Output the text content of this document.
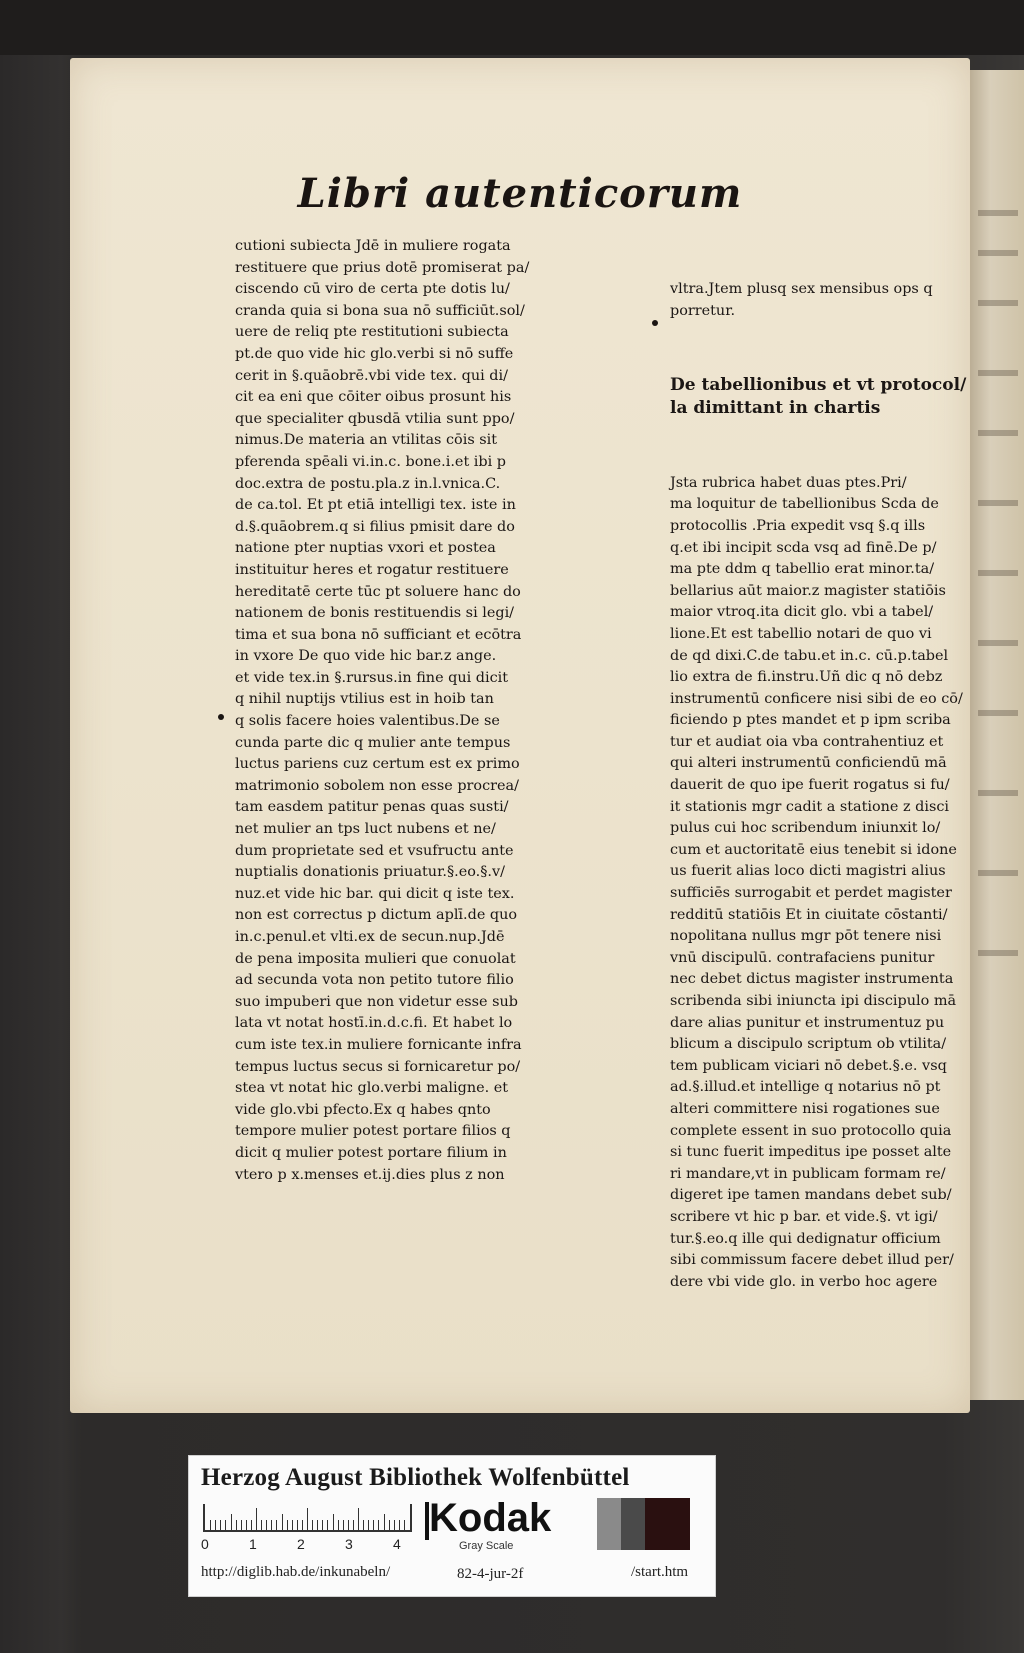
Libri autenticorum
cutioni subiecta Jdē in muliere rogata
restituere que prius dotē promiserat pa/
ciscendo cū viro de certa pte dotis lu/
cranda quia si bona sua nō sufficiūt.sol/
uere de reliq pte restitutioni subiecta
pt.de quo vide hic glo.verbi si nō suffe
cerit in §.quāobrē.vbi vide tex. qui di/
cit ea eni que cōiter oibus prosunt his
que specialiter qbusdā vtilia sunt ppo/
nimus.De materia an vtilitas cōis sit
pferenda spēali vi.in.c. bone.i.et ibi p
doc.extra de postu.pla.z in.l.vnica.C.
de ca.tol. Et pt etiā intelligi tex. iste in
d.§.quāobrem.q si filius pmisit dare do
natione pter nuptias vxori et postea
instituitur heres et rogatur restituere
hereditatē certe tūc pt soluere hanc do
nationem de bonis restituendis si legi/
tima et sua bona nō sufficiant et ecōtra
in vxore De quo vide hic bar.z ange.
et vide tex.in §.rursus.in fine qui dicit
q nihil nuptijs vtilius est in hoib tan
q solis facere hoies valentibus.De se
cunda parte dic q mulier ante tempus
luctus pariens cuz certum est ex primo
matrimonio sobolem non esse procrea/
tam easdem patitur penas quas susti/
net mulier an tps luct nubens et ne/
dum proprietate sed et vsufructu ante
nuptialis donationis priuatur.§.eo.§.v/
nuz.et vide hic bar. qui dicit q iste tex.
non est correctus p dictum aplī.de quo
in.c.penul.et vlti.ex de secun.nup.Jdē
de pena imposita mulieri que conuolat
ad secunda vota non petito tutore filio
suo impuberi que non videtur esse sub
lata vt notat hostī.in.d.c.fi. Et habet lo
cum iste tex.in muliere fornicante infra
tempus luctus secus si fornicaretur po/
stea vt notat hic glo.verbi maligne. et
vide glo.vbi pfecto.Ex q habes qnto
tempore mulier potest portare filios q
dicit q mulier potest portare filium in
vtero p x.menses et.ij.dies plus z non

vltra.Jtem plusq sex mensibus ops q
porretur.

De tabellionibus et vt protocol/
la dimittant in chartis

Jsta rubrica habet duas ptes.Pri/
ma loquitur de tabellionibus Scda de
protocollis .Pria expedit vsq §.q ills
q.et ibi incipit scda vsq ad finē.De p/
ma pte ddm q tabellio erat minor.ta/
bellarius aūt maior.z magister statiōis
maior vtroq.ita dicit glo. vbi a tabel/
lione.Et est tabellio notari de quo vi
de qd dixi.C.de tabu.et in.c. cū.p.tabel
lio extra de fi.instru.Uñ dic q nō debz
instrumentū conficere nisi sibi de eo cō/
ficiendo p ptes mandet et p ipm scriba
tur et audiat oia vba contrahentiuz et
qui alteri instrumentū conficiendū mā
dauerit de quo ipe fuerit rogatus si fu/
it stationis mgr cadit a statione z disci
pulus cui hoc scribendum iniunxit lo/
cum et auctoritatē eius tenebit si idone
us fuerit alias loco dicti magistri alius
sufficiēs surrogabit et perdet magister
redditū statiōis Et in ciuitate cōstanti/
nopolitana nullus mgr pōt tenere nisi
vnū discipulū. contrafaciens punitur
nec debet dictus magister instrumenta
scribenda sibi iniuncta ipi discipulo mā
dare alias punitur et instrumentuz pu
blicum a discipulo scriptum ob vtilita/
tem publicam viciari nō debet.§.e. vsq
ad.§.illud.et intellige q notarius nō pt
alteri committere nisi rogationes sue
complete essent in suo protocollo quia
si tunc fuerit impeditus ipe posset alte
ri mandare,vt in publicam formam re/
digeret ipe tamen mandans debet sub/
scribere vt hic p bar. et vide.§. vt igi/
tur.§.eo.q ille qui dedignatur officium
sibi commissum facere debet illud per/
dere vbi vide glo. in verbo hoc agere

Herzog August Bibliothek Wolfenbüttel
0	1	2	3	4
Kodak
Gray Scale
http://diglib.hab.de/inkunabeln/	82-4-jur-2f	/start.htm
